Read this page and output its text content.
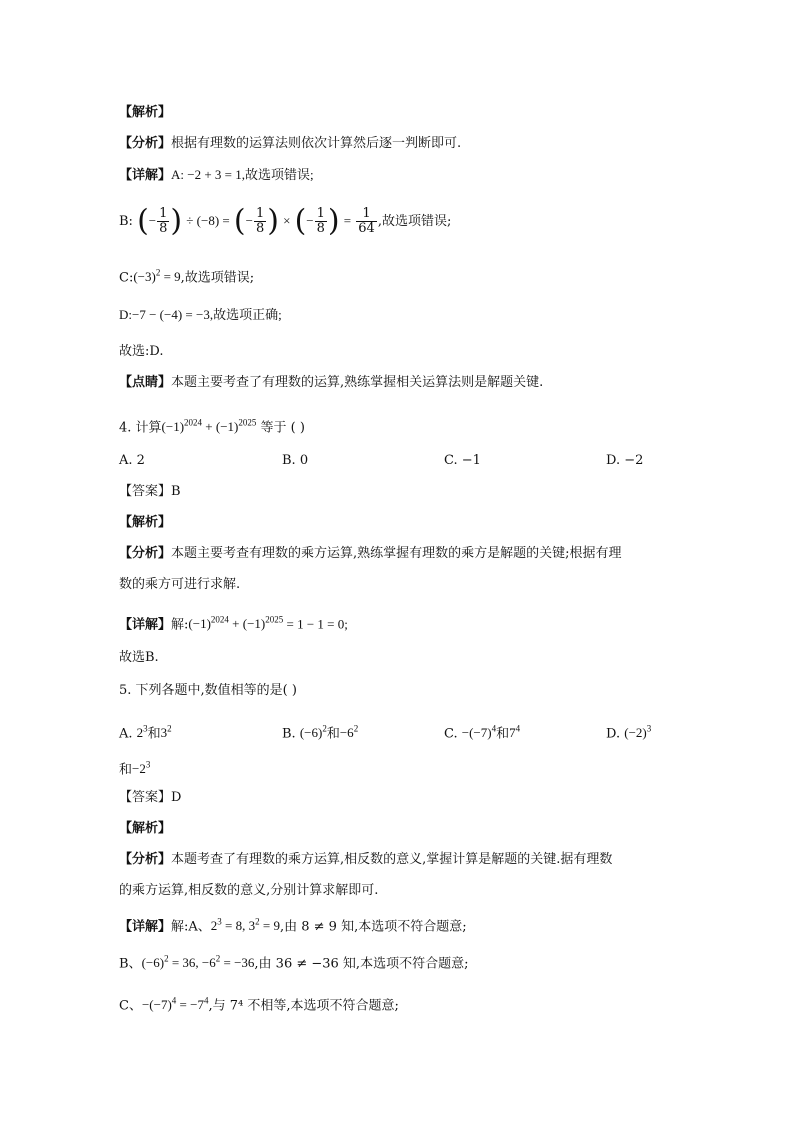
【解析】
【分析】根据有理数的运算法则依次计算然后逐一判断即可.
【详解】A: −2 + 3 = 1,故选项错误;
B: (− $\frac{1}{8}$ ) ÷ (−8) = (− $\frac{1}{8}$ ) × (− $\frac{1}{8}$ ) = $\frac{1}{64}$ ,故选项错误;
$C:(-3)^2 = 9$,故选项错误;
D:−7 − (−4) = −3,故选项正确;
故选:D.
【点睛】本题主要考查了有理数的运算,熟练掌握相关运算法则是解题关键.
4. 计算$(-1)^{2024} + (-1)^{2025}$ 等于 ( )
A. 2	B. 0	C. −1	D. −2
【答案】B
【解析】
【分析】本题主要考查有理数的乘方运算,熟练掌握有理数的乘方是解题的关键;根据有理
数的乘方可进行求解.
【详解】解$:(-1)^{2024} + (-1)^{2025} = 1 - 1 = 0$;
故选B.
5. 下列各题中,数值相等的是( )
A. $2^3$和$3^2$	B. $(-6)^2$和$-6^2$	C. $-(-7)^4$和$7^4$	D. $(-2)^3$
和$-2^3$
【答案】D
【解析】
【分析】本题考查了有理数的乘方运算,相反数的意义,掌握计算是解题的关键.据有理数
的乘方运算,相反数的意义,分别计算求解即可.
【详解】解:A、$2^3 = 8$, $3^2 = 9$,由 8 ≠ 9 知,本选项不符合题意;
B、$(-6)^2 = 36$, $-6^2 = -36$,由 36 ≠ −36 知,本选项不符合题意;
C、$-(-7)^4 = -7^4$,与 7⁴ 不相等,本选项不符合题意;
